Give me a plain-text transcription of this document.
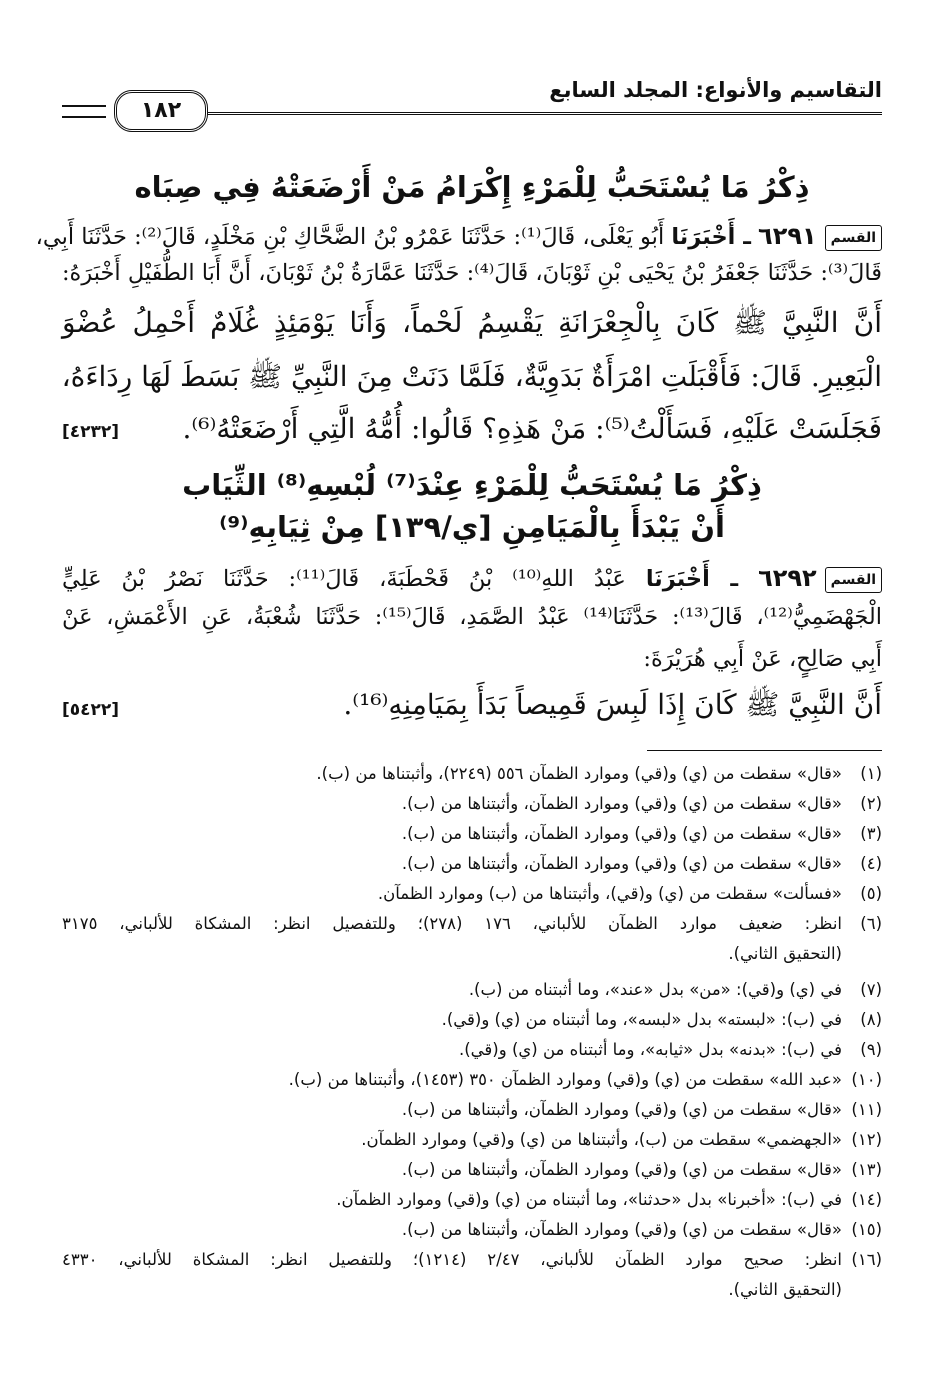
التقاسيم والأنواع: المجلد السابع
١٨٢
ذِكْرُ مَا يُسْتَحَبُّ لِلْمَرْءِ إِكْرَامُ مَنْ أَرْضَعَتْهُ فِي صِبَاه
القسم٦٢٩١ ـ أَخْبَرَنَا أَبُو يَعْلَى، قَالَ⁽¹⁾: حَدَّثَنَا عَمْرُو بْنُ الضَّحَّاكِ بْنِ مَخْلَدٍ، قَالَ⁽²⁾: حَدَّثَنَا أَبِي،
قَالَ⁽³⁾: حَدَّثَنَا جَعْفَرُ بْنُ يَحْيَى بْنِ ثَوْبَانَ، قَالَ⁽⁴⁾: حَدَّثَنَا عَمَّارَةُ بْنُ ثَوْبَانَ، أَنَّ أَبَا الطُّفَيْلِ أَخْبَرَهُ:
أَنَّ النَّبِيَّ ﷺ كَانَ بِالْجِعْرَانَةِ يَقْسِمُ لَحْماً، وَأَنَا يَوْمَئِذٍ غُلَامٌ أَحْمِلُ عُضْوَ
الْبَعِيرِ. قَالَ: فَأَقْبَلَتِ امْرَأَةٌ بَدَوِيَّةٌ، فَلَمَّا دَنَتْ مِنَ النَّبِيِّ ﷺ بَسَطَ لَهَا رِدَاءَهُ،
فَجَلَسَتْ عَلَيْهِ، فَسَأَلْتُ⁽⁵⁾: مَنْ هَذِهِ؟ قَالُوا: أُمُّهُ الَّتِي أَرْضَعَتْهُ⁽⁶⁾.
[٤٢٣٢]
ذِكْرُ مَا يُسْتَحَبُّ لِلْمَرْءِ عِنْدَ⁽⁷⁾ لُبْسِهِ⁽⁸⁾ الثِّيَاب
أَنْ يَبْدَأَ بِالْمَيَامِنِ [ي/١٣٩] مِنْ ثِيَابِهِ⁽⁹⁾
القسم٦٢٩٢ ـ أَخْبَرَنَا عَبْدُ اللهِ⁽¹⁰⁾ بْنُ قَحْطَبَةَ، قَالَ⁽¹¹⁾: حَدَّثَنَا نَصْرُ بْنُ عَلِيٍّ
الْجَهْضَمِيُّ⁽¹²⁾، قَالَ⁽¹³⁾: حَدَّثَنَا⁽¹⁴⁾ عَبْدُ الصَّمَدِ، قَالَ⁽¹⁵⁾: حَدَّثَنَا شُعْبَةُ، عَنِ الأَعْمَشِ، عَنْ
أَبِي صَالِحٍ، عَنْ أَبِي هُرَيْرَةَ:
أَنَّ النَّبِيَّ ﷺ كَانَ إِذَا لَبِسَ قَمِيصاً بَدَأَ بِمَيَامِنِهِ⁽¹⁶⁾.
[٥٤٢٢]
(١)«قال» سقطت من (ي) و(قي) وموارد الظمآن ٥٥٦ (٢٢٤٩)، وأثبتناها من (ب).
(٢)«قال» سقطت من (ي) و(قي) وموارد الظمآن، وأثبتناها من (ب).
(٣)«قال» سقطت من (ي) و(قي) وموارد الظمآن، وأثبتناها من (ب).
(٤)«قال» سقطت من (ي) و(قي) وموارد الظمآن، وأثبتناها من (ب).
(٥)«فسألت» سقطت من (ي) و(قي)، وأثبتناها من (ب) وموارد الظمآن.
(٦)انظر: ضعيف موارد الظمآن للألباني، ١٧٦ (٢٧٨)؛ وللتفصيل انظر: المشكاة للألباني، ٣١٧٥
(التحقيق الثاني).
(٧)في (ي) و(قي): «من» بدل «عند»، وما أثبتناه من (ب).
(٨)في (ب): «لبسته» بدل «لبسه»، وما أثبتناه من (ي) و(قي).
(٩)في (ب): «بدنه» بدل «ثيابه»، وما أثبتناه من (ي) و(قي).
(١٠)«عبد الله» سقطت من (ي) و(قي) وموارد الظمآن ٣٥٠ (١٤٥٣)، وأثبتناها من (ب).
(١١)«قال» سقطت من (ي) و(قي) وموارد الظمآن، وأثبتناها من (ب).
(١٢)«الجهضمي» سقطت من (ب)، وأثبتناها من (ي) و(قي) وموارد الظمآن.
(١٣)«قال» سقطت من (ي) و(قي) وموارد الظمآن، وأثبتناها من (ب).
(١٤)في (ب): «أخبرنا» بدل «حدثنا»، وما أثبتناه من (ي) و(قي) وموارد الظمآن.
(١٥)«قال» سقطت من (ي) و(قي) وموارد الظمآن، وأثبتناها من (ب).
(١٦)انظر: صحيح موارد الظمآن للألباني، ٢/٤٧ (١٢١٤)؛ وللتفصيل انظر: المشكاة للألباني، ٤٣٣٠
(التحقيق الثاني).
